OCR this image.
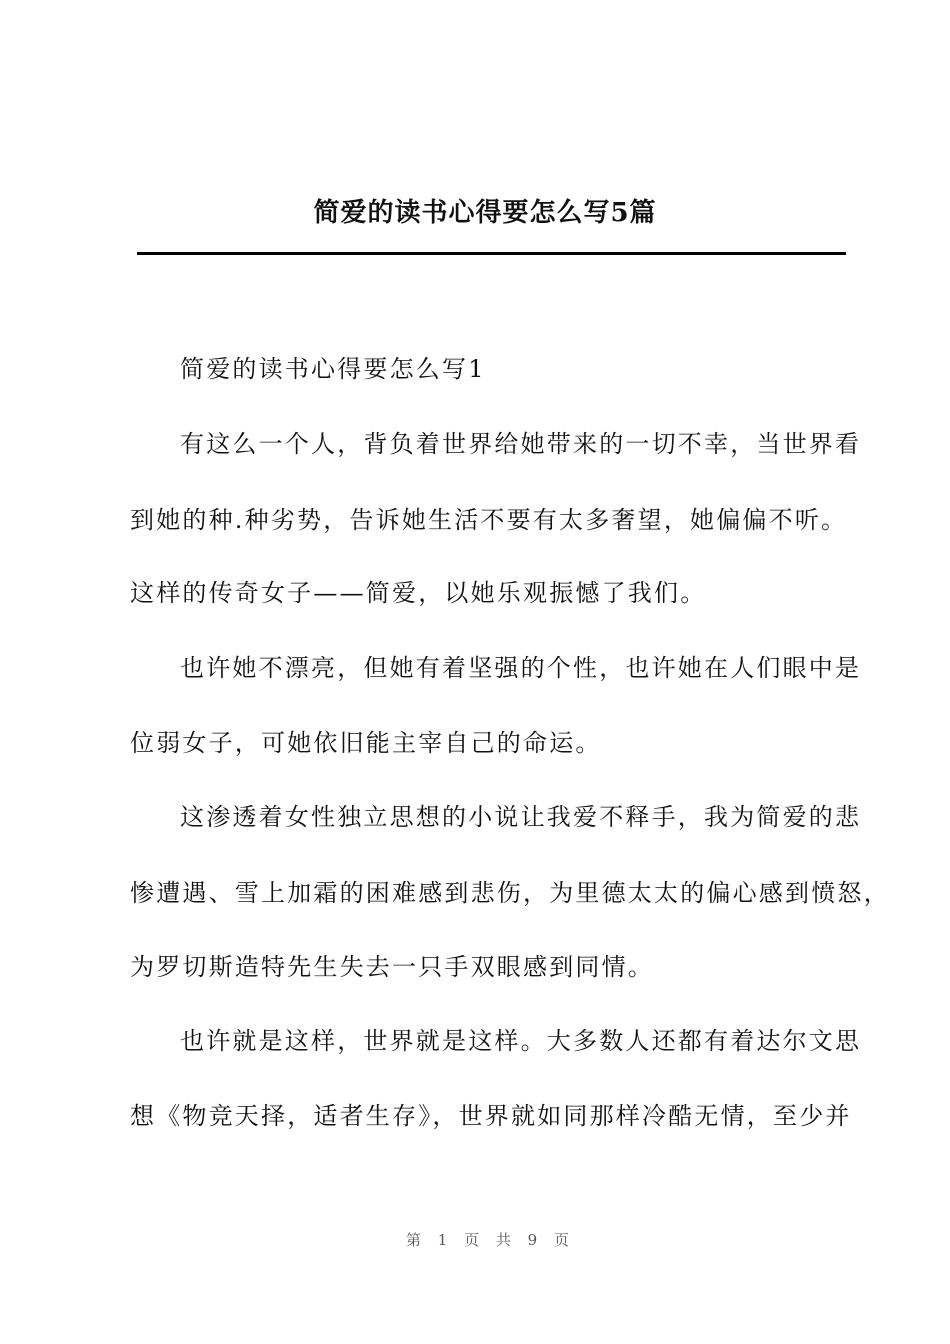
简爱的读书心得要怎么写5篇
简爱的读书心得要怎么写1
有这么一个人，背负着世界给她带来的一切不幸，当世界看
到她的种.种劣势，告诉她生活不要有太多奢望，她偏偏不听。
这样的传奇女子——简爱，以她乐观振憾了我们。
也许她不漂亮，但她有着坚强的个性，也许她在人们眼中是
位弱女子，可她依旧能主宰自己的命运。
这渗透着女性独立思想的小说让我爱不释手，我为简爱的悲
惨遭遇、雪上加霜的困难感到悲伤，为里德太太的偏心感到愤怒，
为罗切斯造特先生失去一只手双眼感到同情。
也许就是这样，世界就是这样。大多数人还都有着达尔文思
想《物竞天择，适者生存》，世界就如同那样冷酷无情，至少并
第 1 页 共 9 页
